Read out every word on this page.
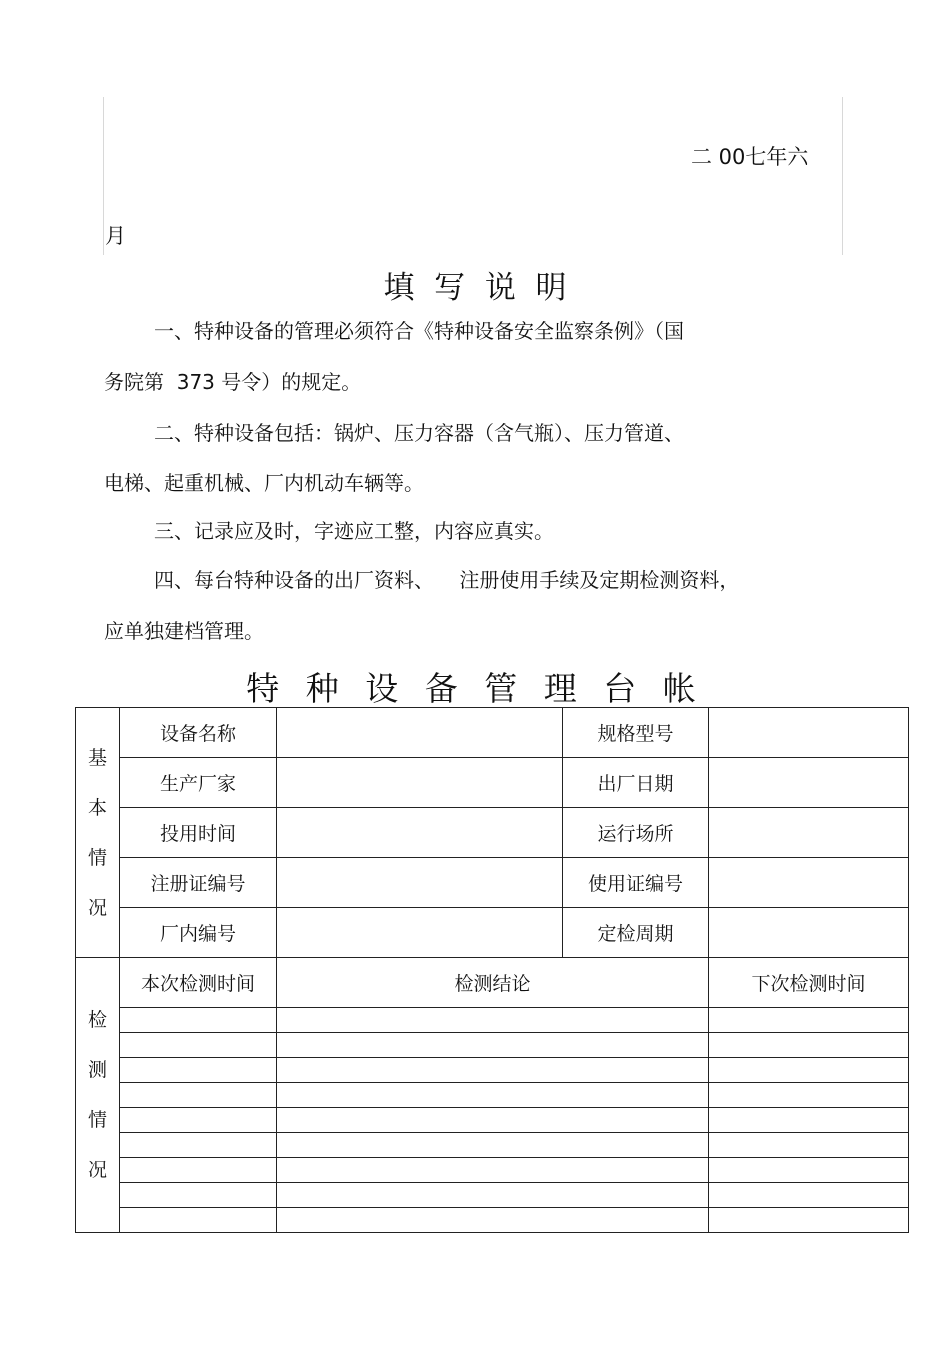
二 00七年六
月
填  写  说  明
一、特种设备的管理必须符合《特种设备安全监察条例》（国
务院第  373 号令）的规定。
二、特种设备包括：锅炉、压力容器（含气瓶）、压力管道、
电梯、起重机械、厂内机动车辆等。
三、记录应及时，字迹应工整，内容应真实。
四、每台特种设备的出厂资料、    注册使用手续及定期检测资料，
应单独建档管理。
特 种 设 备 管 理 台 帐
基
本
情
况	设备名称		规格型号	
	生产厂家		出厂日期	
	投用时间		运行场所	
	注册证编号		使用证编号	
	厂内编号		定检周期	

检
测
情
况	本次检测时间	检测结论		下次检测时间
